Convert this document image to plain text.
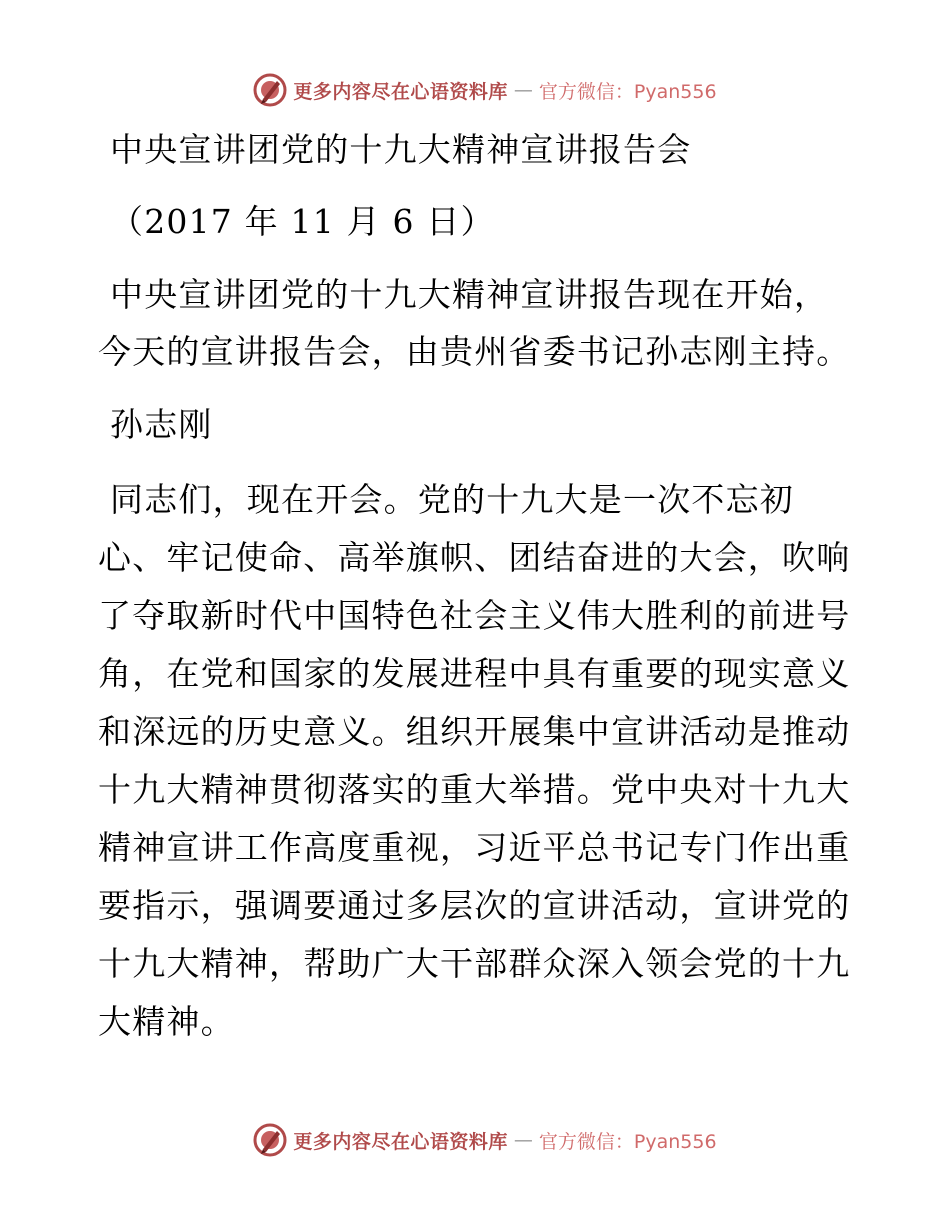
更多内容尽在心语资料库 — 官方微信：Pyan556
中央宣讲团党的十九大精神宣讲报告会
（2017 年 11 月 6 日）
中央宣讲团党的十九大精神宣讲报告现在开始，
今天的宣讲报告会，由贵州省委书记孙志刚主持。
孙志刚
同志们，现在开会。党的十九大是一次不忘初
心、牢记使命、高举旗帜、团结奋进的大会，吹响
了夺取新时代中国特色社会主义伟大胜利的前进号
角，在党和国家的发展进程中具有重要的现实意义
和深远的历史意义。组织开展集中宣讲活动是推动
十九大精神贯彻落实的重大举措。党中央对十九大
精神宣讲工作高度重视，习近平总书记专门作出重
要指示，强调要通过多层次的宣讲活动，宣讲党的
十九大精神，帮助广大干部群众深入领会党的十九
大精神。
更多内容尽在心语资料库 — 官方微信：Pyan556
